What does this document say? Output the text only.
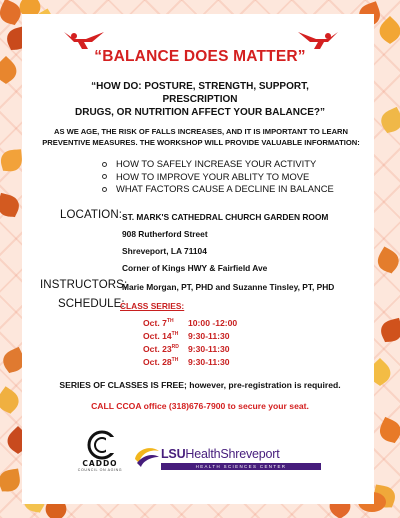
“BALANCE DOES MATTER”
“HOW DO: POSTURE, STRENGTH, SUPPORT, PRESCRIPTION
DRUGS, OR NUTRITION AFFECT YOUR BALANCE?”
AS WE AGE, THE RISK OF FALLS INCREASES, AND IT IS IMPORTANT TO LEARN
PREVENTIVE MEASURES. THE WORKSHOP WILL PROVIDE VALUABLE INFORMATION:
HOW TO SAFELY INCREASE YOUR ACTIVITY
HOW TO IMPROVE YOUR ABLITY TO MOVE
WHAT FACTORS CAUSE A DECLINE IN BALANCE
LOCATION: ST. MARK'S CATHEDRAL CHURCH GARDEN ROOM
908 Rutherford Street
Shreveport, LA 71104
Corner of Kings HWY & Fairfield Ave
INSTRUCTORS:
Marie Morgan, PT, PHD and Suzanne Tinsley, PT, PHD
SCHEDULE:
CLASS SERIES:
Oct. 7TH	10:00 -12:00
Oct. 14TH	9:30-11:30
Oct. 23RD	9:30-11:30
Oct. 28TH	9:30-11:30
SERIES OF CLASSES IS FREE; however, pre-registration is required.
CALL CCOA office (318)676-7900 to secure your seat.
CADDO
COUNCIL ON AGING
LSUHealthShreveport
HEALTH SCIENCES CENTER
